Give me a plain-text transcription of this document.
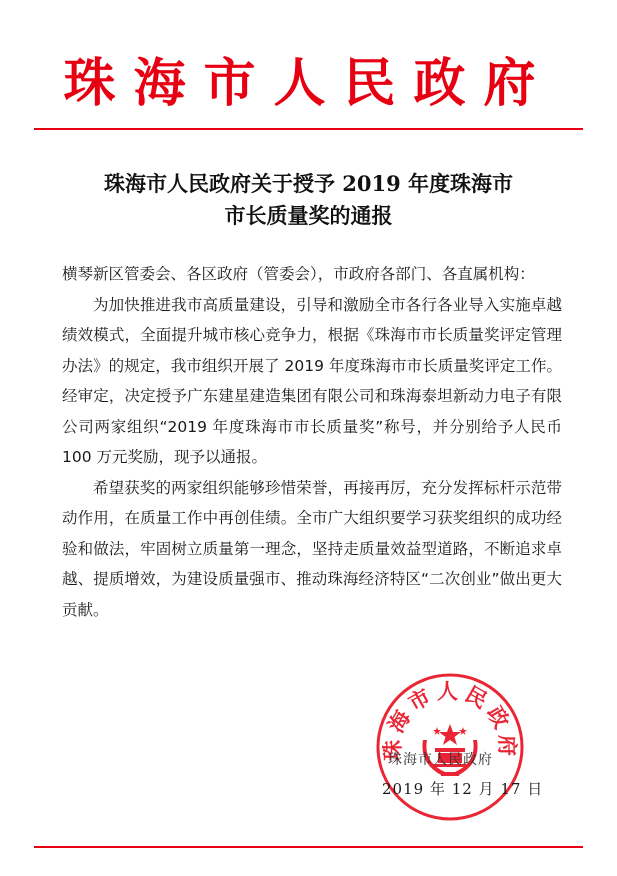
珠海市人民政府
珠海市人民政府关于授予 2019 年度珠海市
市长质量奖的通报

横琴新区管委会、各区政府（管委会），市政府各部门、各直属机构：

为加快推进我市高质量建设，引导和激励全市各行各业导入实施卓越绩效模式，全面提升城市核心竞争力，根据《珠海市市长质量奖评定管理办法》的规定，我市组织开展了 2019 年度珠海市市长质量奖评定工作。经审定，决定授予广东建星建造集团有限公司和珠海泰坦新动力电子有限公司两家组织“2019 年度珠海市市长质量奖”称号，并分别给予人民币 100 万元奖励，现予以通报。

希望获奖的两家组织能够珍惜荣誉，再接再厉，充分发挥标杆示范带动作用，在质量工作中再创佳绩。全市广大组织要学习获奖组织的成功经验和做法，牢固树立质量第一理念，坚持走质量效益型道路，不断追求卓越、提质增效，为建设质量强市、推动珠海经济特区“二次创业”做出更大贡献。

珠海市人民政府
珠海市人民政府
2019 年 12 月 17 日
